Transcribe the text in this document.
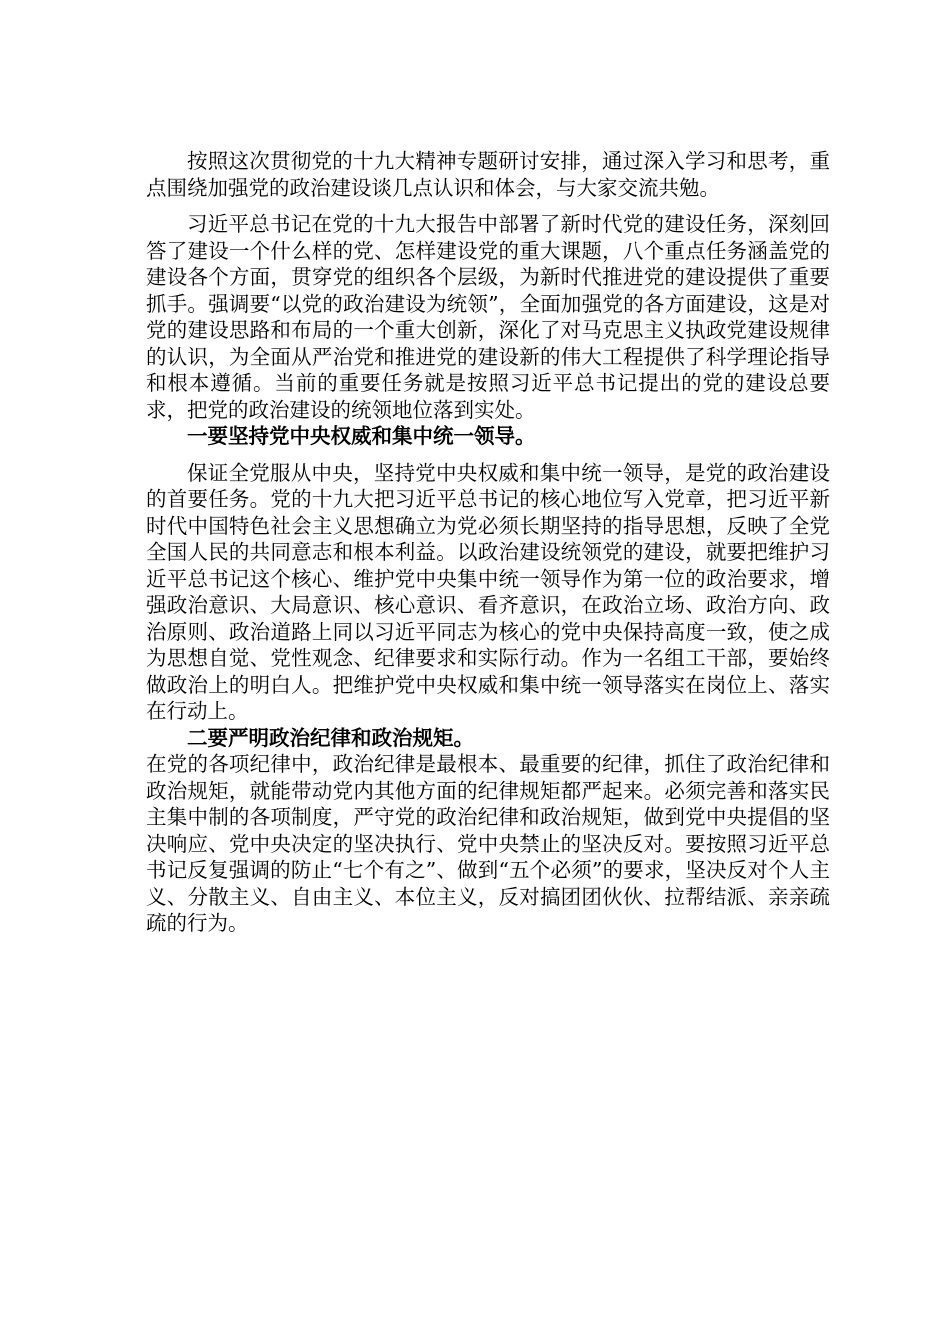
按照这次贯彻党的十九大精神专题研讨安排，通过深入学习和思考，重点围绕加强党的政治建设谈几点认识和体会，与大家交流共勉。

习近平总书记在党的十九大报告中部署了新时代党的建设任务，深刻回答了建设一个什么样的党、怎样建设党的重大课题，八个重点任务涵盖党的建设各个方面，贯穿党的组织各个层级，为新时代推进党的建设提供了重要抓手。强调要“以党的政治建设为统领”，全面加强党的各方面建设，这是对党的建设思路和布局的一个重大创新，深化了对马克思主义执政党建设规律的认识，为全面从严治党和推进党的建设新的伟大工程提供了科学理论指导和根本遵循。当前的重要任务就是按照习近平总书记提出的党的建设总要求，把党的政治建设的统领地位落到实处。

一要坚持党中央权威和集中统一领导。

保证全党服从中央，坚持党中央权威和集中统一领导，是党的政治建设的首要任务。党的十九大把习近平总书记的核心地位写入党章，把习近平新时代中国特色社会主义思想确立为党必须长期坚持的指导思想，反映了全党全国人民的共同意志和根本利益。以政治建设统领党的建设，就要把维护习近平总书记这个核心、维护党中央集中统一领导作为第一位的政治要求，增强政治意识、大局意识、核心意识、看齐意识，在政治立场、政治方向、政治原则、政治道路上同以习近平同志为核心的党中央保持高度一致，使之成为思想自觉、党性观念、纪律要求和实际行动。作为一名组工干部，要始终做政治上的明白人。把维护党中央权威和集中统一领导落实在岗位上、落实在行动上。

二要严明政治纪律和政治规矩。

在党的各项纪律中，政治纪律是最根本、最重要的纪律，抓住了政治纪律和政治规矩，就能带动党内其他方面的纪律规矩都严起来。必须完善和落实民主集中制的各项制度，严守党的政治纪律和政治规矩，做到党中央提倡的坚决响应、党中央决定的坚决执行、党中央禁止的坚决反对。要按照习近平总书记反复强调的防止“七个有之”、做到“五个必须”的要求，坚决反对个人主义、分散主义、自由主义、本位主义，反对搞团团伙伙、拉帮结派、亲亲疏疏的行为。
